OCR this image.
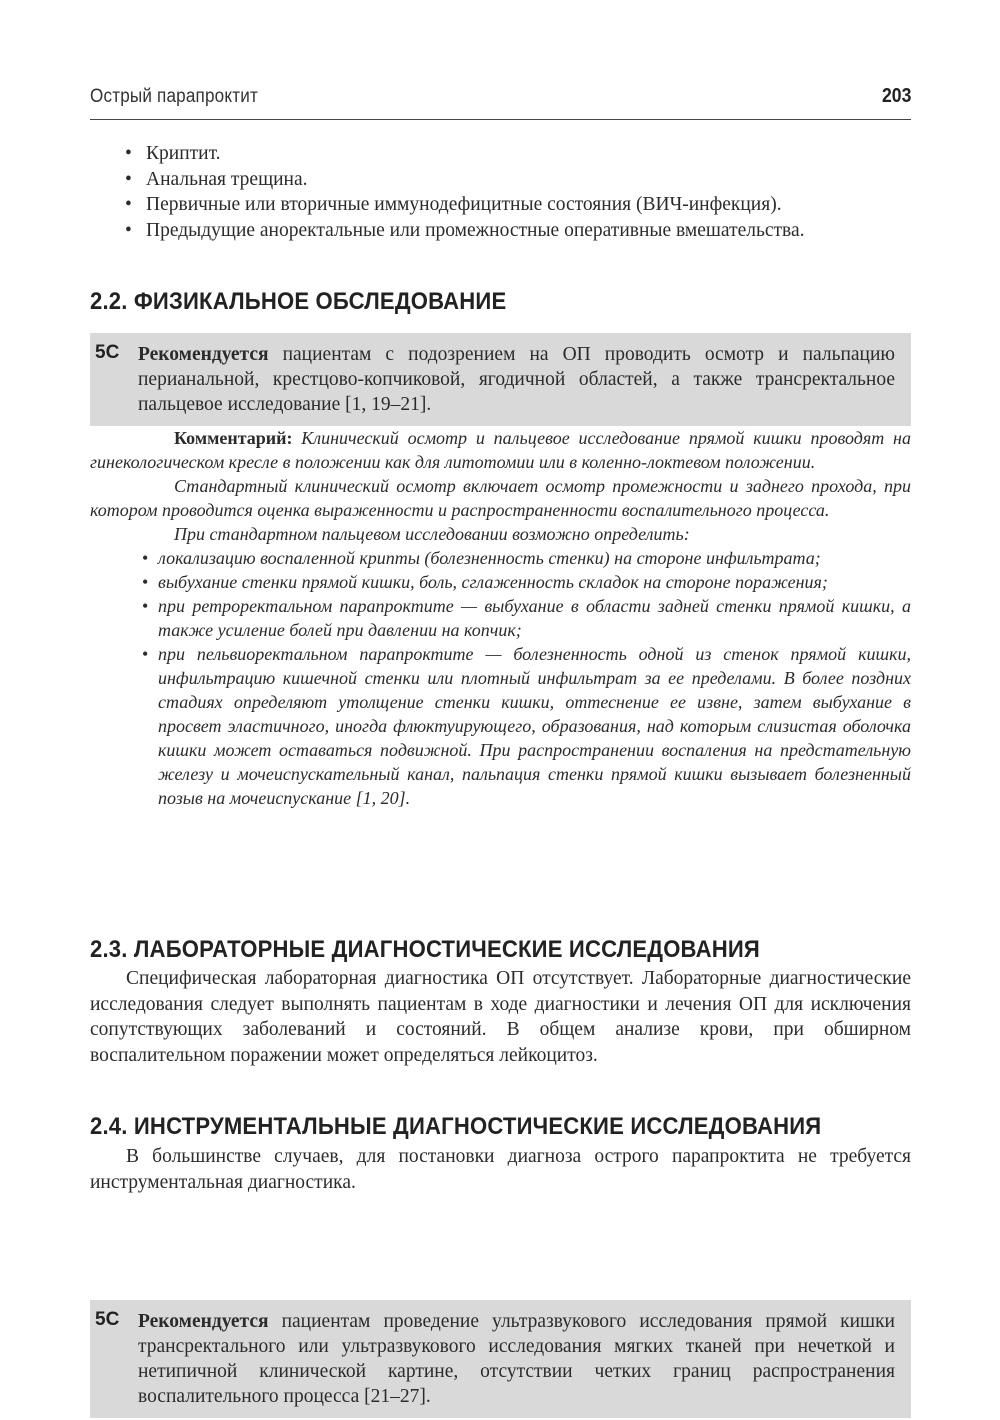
Острый парапроктит	203
• Криптит.
• Анальная трещина.
• Первичные или вторичные иммунодефицитные состояния (ВИЧ-инфекция).
• Предыдущие аноректальные или промежностные оперативные вмешательства.
2.2. ФИЗИКАЛЬНОЕ ОБСЛЕДОВАНИЕ
5C Рекомендуется пациентам с подозрением на ОП проводить осмотр и пальпацию перианальной, крестцово-копчиковой, ягодичной областей, а также трансректальное пальцевое исследование [1, 19–21].

Комментарий: Клинический осмотр и пальцевое исследование прямой кишки проводят на гинекологическом кресле в положении как для литотомии или в коленно-локтевом положении.

Стандартный клинический осмотр включает осмотр промежности и заднего прохода, при котором проводится оценка выраженности и распространенности воспалительного процесса.

При стандартном пальцевом исследовании возможно определить:

• локализацию воспаленной крипты (болезненность стенки) на стороне инфильтрата;
• выбухание стенки прямой кишки, боль, сглаженность складок на стороне поражения;
• при ретроректальном парапроктите — выбухание в области задней стенки прямой кишки, а также усиление болей при давлении на копчик;
• при пельвиоректальном парапроктите — болезненность одной из стенок прямой кишки, инфильтрацию кишечной стенки или плотный инфильтрат за ее пределами. В более поздних стадиях определяют утолщение стенки кишки, оттеснение ее извне, затем выбухание в просвет эластичного, иногда флюктуирующего, образования, над которым слизистая оболочка кишки может оставаться подвижной. При распространении воспаления на предстательную железу и мочеиспускательный канал, пальпация стенки прямой кишки вызывает болезненный позыв на мочеиспускание [1, 20].
2.3. ЛАБОРАТОРНЫЕ ДИАГНОСТИЧЕСКИЕ ИССЛЕДОВАНИЯ

Специфическая лабораторная диагностика ОП отсутствует. Лабораторные диагностические исследования следует выполнять пациентам в ходе диагностики и лечения ОП для исключения сопутствующих заболеваний и состояний. В общем анализе крови, при обширном воспалительном поражении может определяться лейкоцитоз.

2.4. ИНСТРУМЕНТАЛЬНЫЕ ДИАГНОСТИЧЕСКИЕ ИССЛЕДОВАНИЯ

В большинстве случаев, для постановки диагноза острого парапроктита не требуется инструментальная диагностика.

5C Рекомендуется пациентам проведение ультразвукового исследования прямой кишки трансректального или ультразвукового исследования мягких тканей при нечеткой и нетипичной клинической картине, отсутствии четких границ распространения воспалительного процесса [21–27].
